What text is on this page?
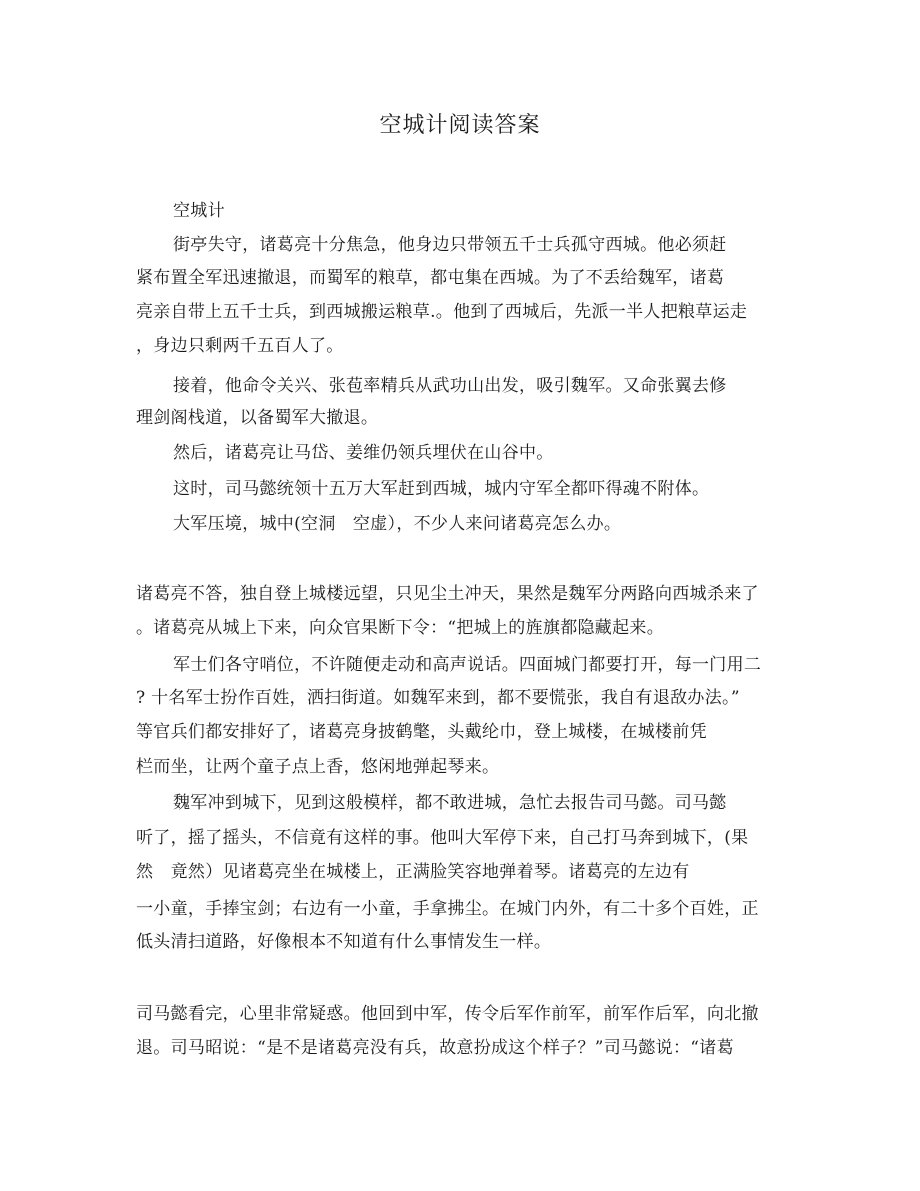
空城计阅读答案

空城计

街亭失守，诸葛亮十分焦急，他身边只带领五千士兵孤守西城。他必须赶

紧布置全军迅速撤退，而蜀军的粮草，都屯集在西城。为了不丢给魏军，诸葛

亮亲自带上五千士兵，到西城搬运粮草.。他到了西城后，先派一半人把粮草运走

，身边只剩两千五百人了。

接着，他命令关兴、张苞率精兵从武功山出发，吸引魏军。又命张翼去修

理剑阁栈道，以备蜀军大撤退。

然后，诸葛亮让马岱、姜维仍领兵埋伏在山谷中。

这时，司马懿统领十五万大军赶到西城，城内守军全都吓得魂不附体。

大军压境，城中(空洞　空虚），不少人来问诸葛亮怎么办。

诸葛亮不答，独自登上城楼远望，只见尘土冲天，果然是魏军分两路向西城杀来了

。诸葛亮从城上下来，向众官果断下令：“把城上的旌旗都隐藏起来。

军士们各守哨位，不许随便走动和高声说话。四面城门都要打开，每一门用二

? 十名军士扮作百姓，洒扫街道。如魏军来到，都不要慌张，我自有退敌办法。”

等官兵们都安排好了，诸葛亮身披鹤氅，头戴纶巾，登上城楼，在城楼前凭

栏而坐，让两个童子点上香，悠闲地弹起琴来。

魏军冲到城下，见到这般模样，都不敢进城，急忙去报告司马懿。司马懿

听了，摇了摇头，不信竟有这样的事。他叫大军停下来，自己打马奔到城下，(果

然　竟然）见诸葛亮坐在城楼上，正满脸笑容地弹着琴。诸葛亮的左边有

一小童，手捧宝剑；右边有一小童，手拿拂尘。在城门内外，有二十多个百姓，正

低头清扫道路，好像根本不知道有什么事情发生一样。

司马懿看完，心里非常疑惑。他回到中军，传令后军作前军，前军作后军，向北撤

退。司马昭说：“是不是诸葛亮没有兵，故意扮成这个样子？”司马懿说：“诸葛
